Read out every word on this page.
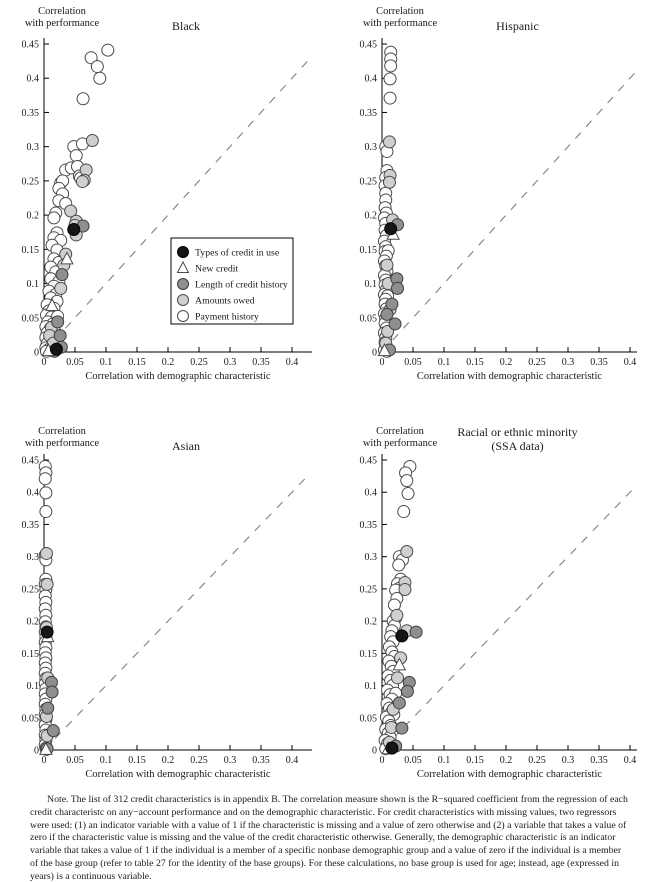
Correlation
with performance	Black
0.45
0.4
0.35
0.3
0.25
0.2
0.15
0.1
0.05
0
0 0.05 0.1 0.15 0.2 0.25 0.3 0.35 0.4
Correlation with demographic characteristic
Types of credit in use
New credit
Length of credit history
Amounts owed
Payment history
Correlation
with performance	Hispanic
0.45
0.4
0.35
0.3
0.25
0.2
0.15
0.1
0.05
0
0 0.05 0.1 0.15 0.2 0.25 0.3 0.35 0.4
Correlation with demographic characteristic
Correlation
with performance	Asian
0.45
0.4
0.35
0.3
0.25
0.2
0.15
0.1
0.05
0
0 0.05 0.1 0.15 0.2 0.25 0.3 0.35 0.4
Correlation with demographic characteristic
Correlation
with performance
Racial or ethnic minority
(SSA data)
0.45
0.4
0.35
0.3
0.25
0.2
0.15
0.1
0.05
0
0 0.05 0.1 0.15 0.2 0.25 0.3 0.35 0.4
Correlation with demographic characteristic

Note. The list of 312 credit characteristics is in appendix B. The correlation measure shown is the R−squared coefficient from the regression of each credit characteristc on any−account performance and on the demographic characteristic. For credit characteristics with missing values, two regressors were used: (1) an indicator variable with a value of 1 if the characteristic is missing and a value of zero otherwise and (2) a variable that takes a value of zero if the characteristic value is missing and the value of the credit characteristic otherwise. Generally, the demographic characteristic is an indicator variable that takes a value of 1 if the individual is a member of a specific nonbase demographic group and a value of zero if the individual is a member of the base group (refer to table 27 for the identity of the base groups). For these calculations, no base group is used for age; instead, age (expressed in years) is a continuous variable.
